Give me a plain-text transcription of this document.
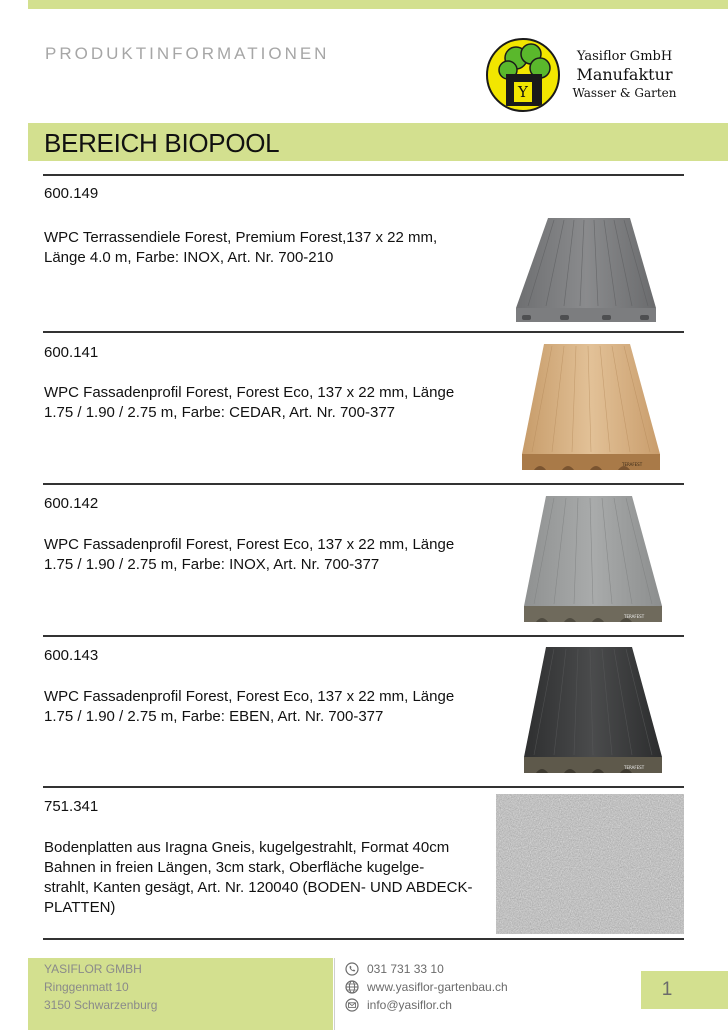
PRODUKTINFORMATIONEN
Y
Yasiflor GmbH
Manufaktur
Wasser & Garten
BEREICH BIOPOOL
600.149
WPC Terrassendiele Forest, Premium Forest,137 x 22 mm,
Länge 4.0 m, Farbe: INOX, Art. Nr. 700-210
600.141
WPC Fassadenprofil Forest, Forest Eco, 137 x 22 mm, Länge
1.75 / 1.90 / 2.75 m, Farbe: CEDAR, Art. Nr. 700-377
TERAFEST
600.142
WPC Fassadenprofil Forest, Forest Eco, 137 x 22 mm, Länge
1.75 / 1.90 / 2.75 m, Farbe: INOX, Art. Nr. 700-377
TERAFEST
600.143
WPC Fassadenprofil Forest, Forest Eco, 137 x 22 mm, Länge
1.75 / 1.90 / 2.75 m, Farbe: EBEN, Art. Nr. 700-377
TERAFEST
751.341
Bodenplatten aus Iragna Gneis, kugelgestrahlt, Format 40cm
Bahnen in freien Längen, 3cm stark, Oberfläche kugelge-
strahlt, Kanten gesägt, Art. Nr. 120040 (BODEN- UND ABDECK-
PLATTEN)
YASIFLOR GMBH
Ringgenmatt 10
3150 Schwarzenburg
031 731 33 10
www.yasiflor-gartenbau.ch
info@yasiflor.ch
1
